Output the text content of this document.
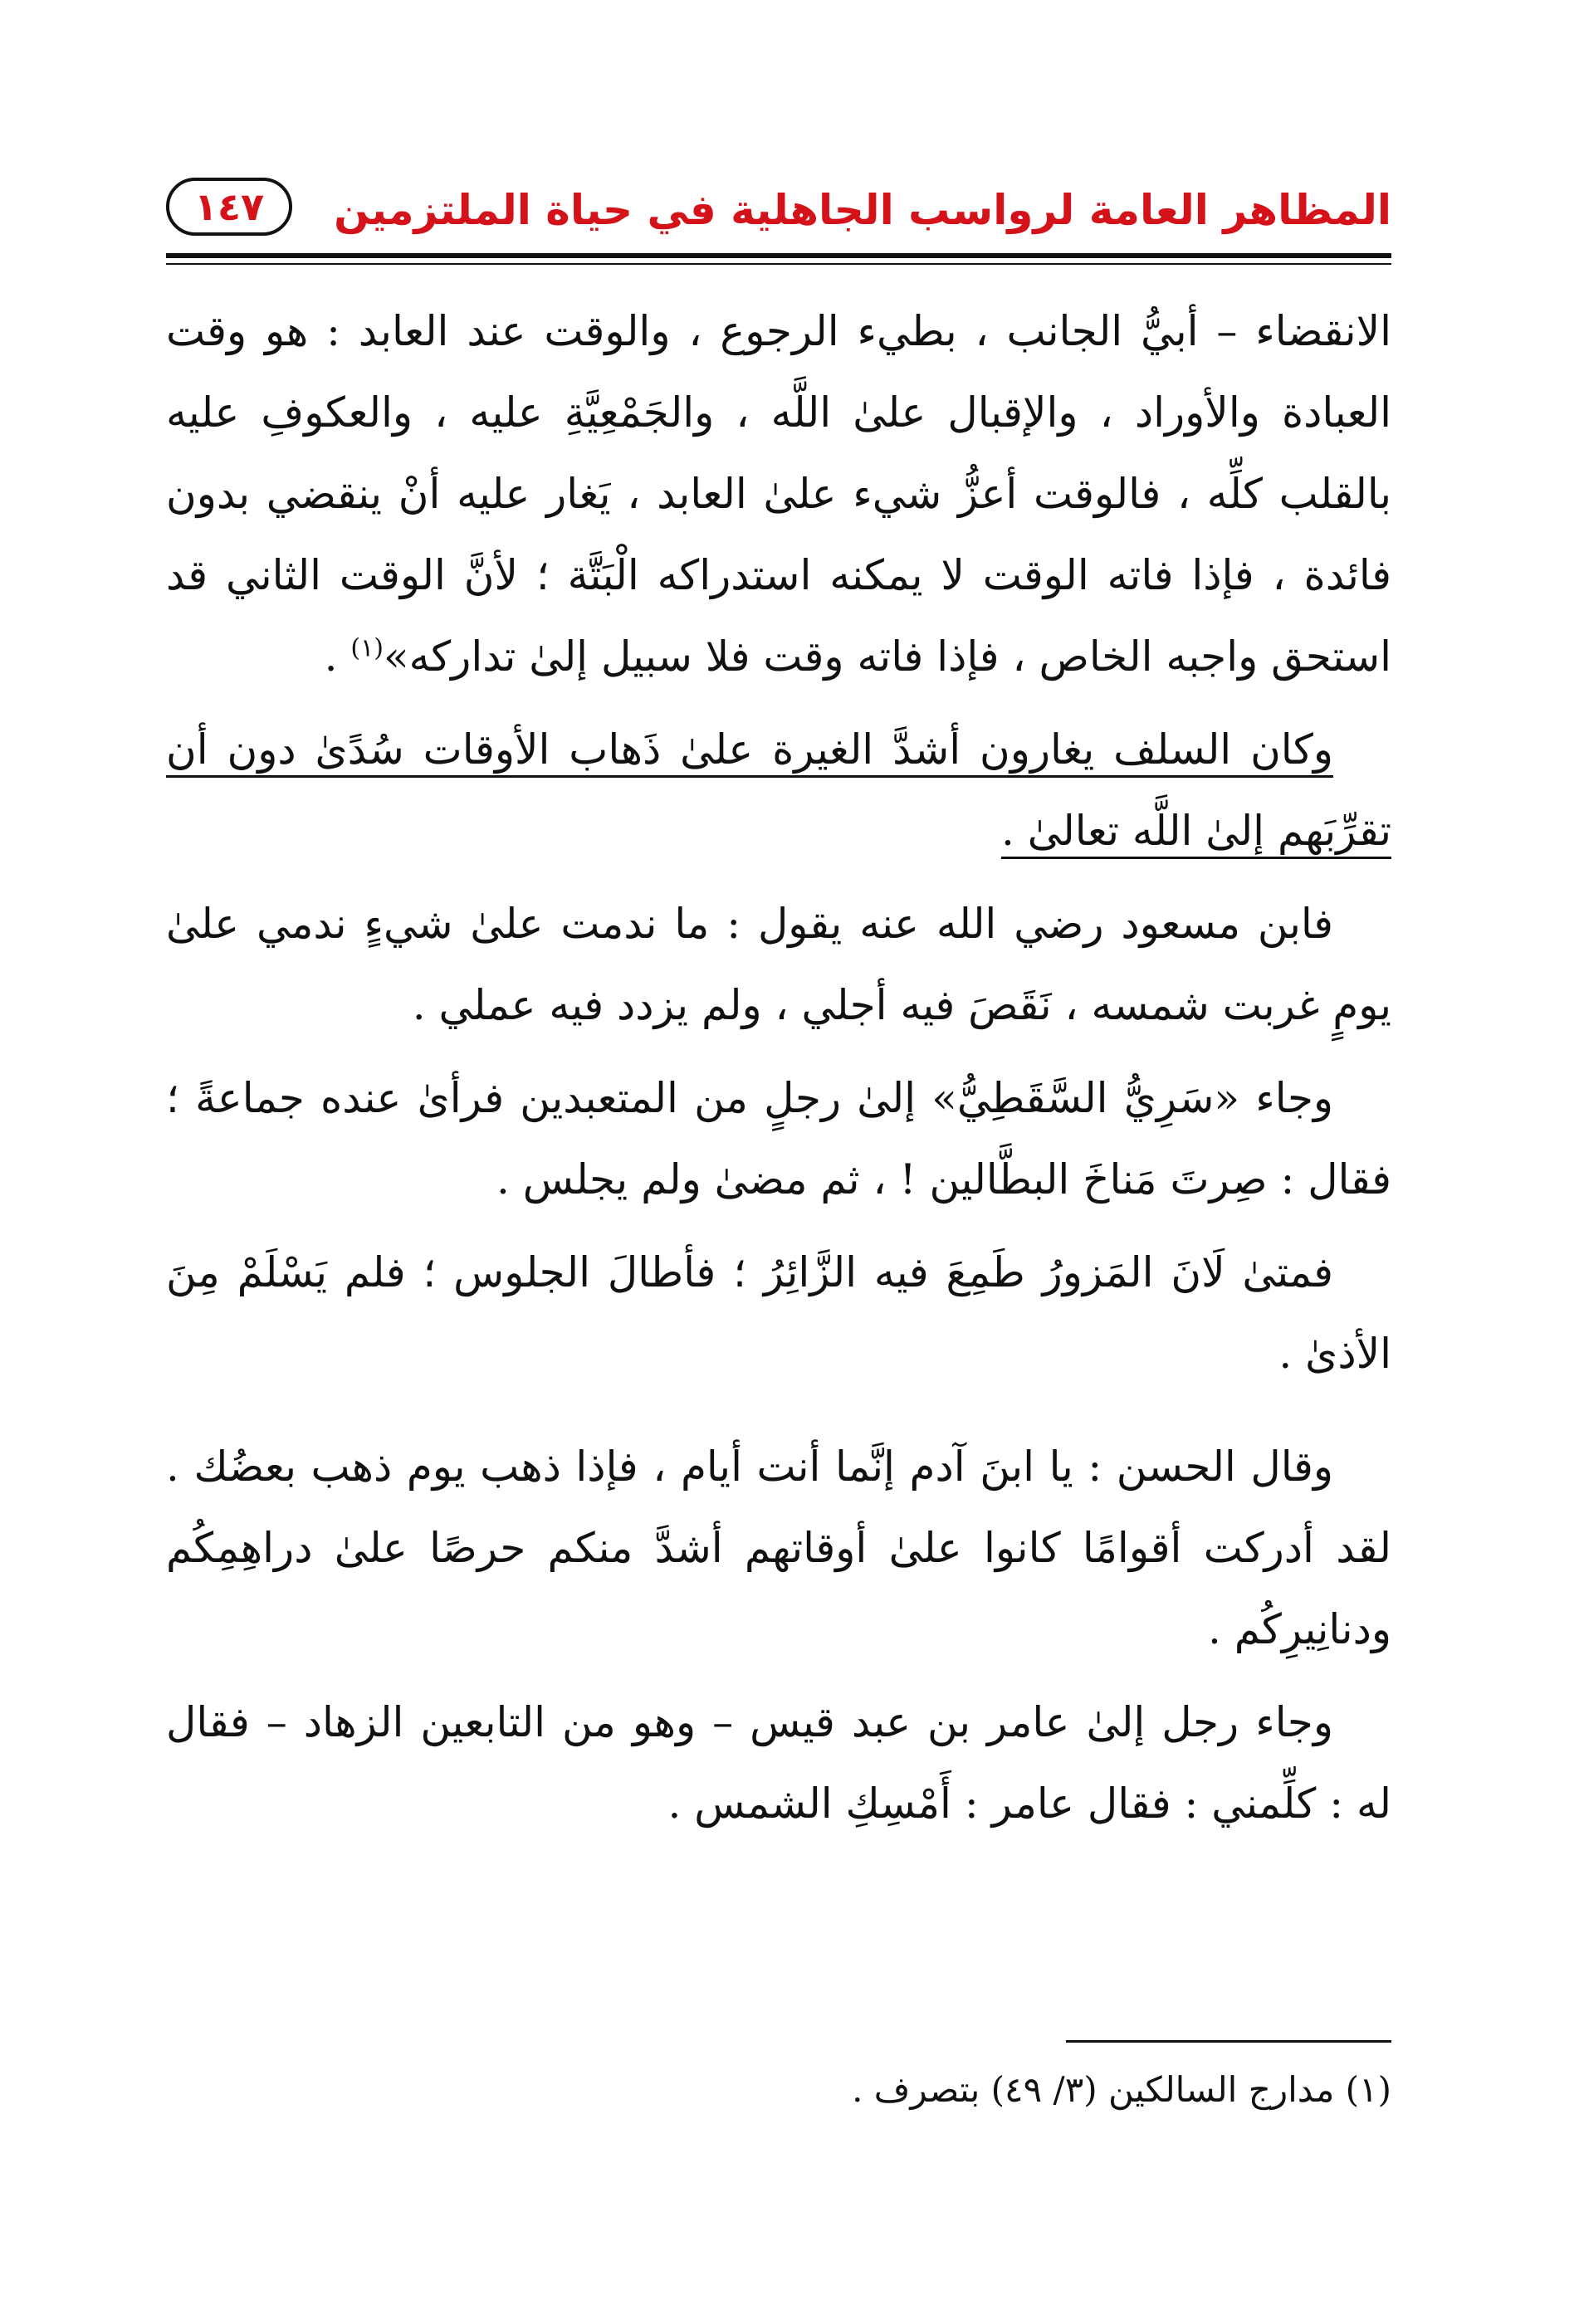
المظاهر العامة لرواسب الجاهلية في حياة الملتزمين
١٤٧

الانقضاء – أبيُّ الجانب ، بطيء الرجوع ، والوقت عند العابد : هو وقت العبادة والأوراد ، والإقبال علىٰ اللَّه ، والجَمْعِيَّةِ عليه ، والعكوفِ عليه بالقلب كلِّه ، فالوقت أعزُّ شيء علىٰ العابد ، يَغار عليه أنْ ينقضي بدون فائدة ، فإذا فاته الوقت لا يمكنه استدراكه الْبَتَّة ؛ لأنَّ الوقت الثاني قد استحق واجبه الخاص ، فإذا فاته وقت فلا سبيل إلىٰ تداركه»$^{(١)}$ .

وكان السلف يغارون أشدَّ الغيرة علىٰ ذَهاب الأوقات سُدًىٰ دون أن تقرِّبَهم إلىٰ اللَّه تعالىٰ .

فابن مسعود رضي الله عنه يقول : ما ندمت علىٰ شيءٍ ندمي علىٰ يومٍ غربت شمسه ، نَقَصَ فيه أجلي ، ولم يزدد فيه عملي .

وجاء «سَرِيُّ السَّقَطِيُّ» إلىٰ رجلٍ من المتعبدين فرأىٰ عنده جماعةً ؛ فقال : صِرتَ مَناخَ البطَّالين ! ، ثم مضىٰ ولم يجلس .

فمتىٰ لَانَ المَزورُ طَمِعَ فيه الزَّائِرُ ؛ فأطالَ الجلوس ؛ فلم يَسْلَمْ مِنَ الأذىٰ .

وقال الحسن : يا ابنَ آدم إنَّما أنت أيام ، فإذا ذهب يوم ذهب بعضُك . لقد أدركت أقوامًا كانوا علىٰ أوقاتهم أشدَّ منكم حرصًا علىٰ دراهِمِكُم ودنانِيرِكُم .

وجاء رجل إلىٰ عامر بن عبد قيس – وهو من التابعين الزهاد – فقال له : كلِّمني : فقال عامر : أَمْسِكِ الشمس .

(١) مدارج السالكين (٣/ ٤٩) بتصرف .
